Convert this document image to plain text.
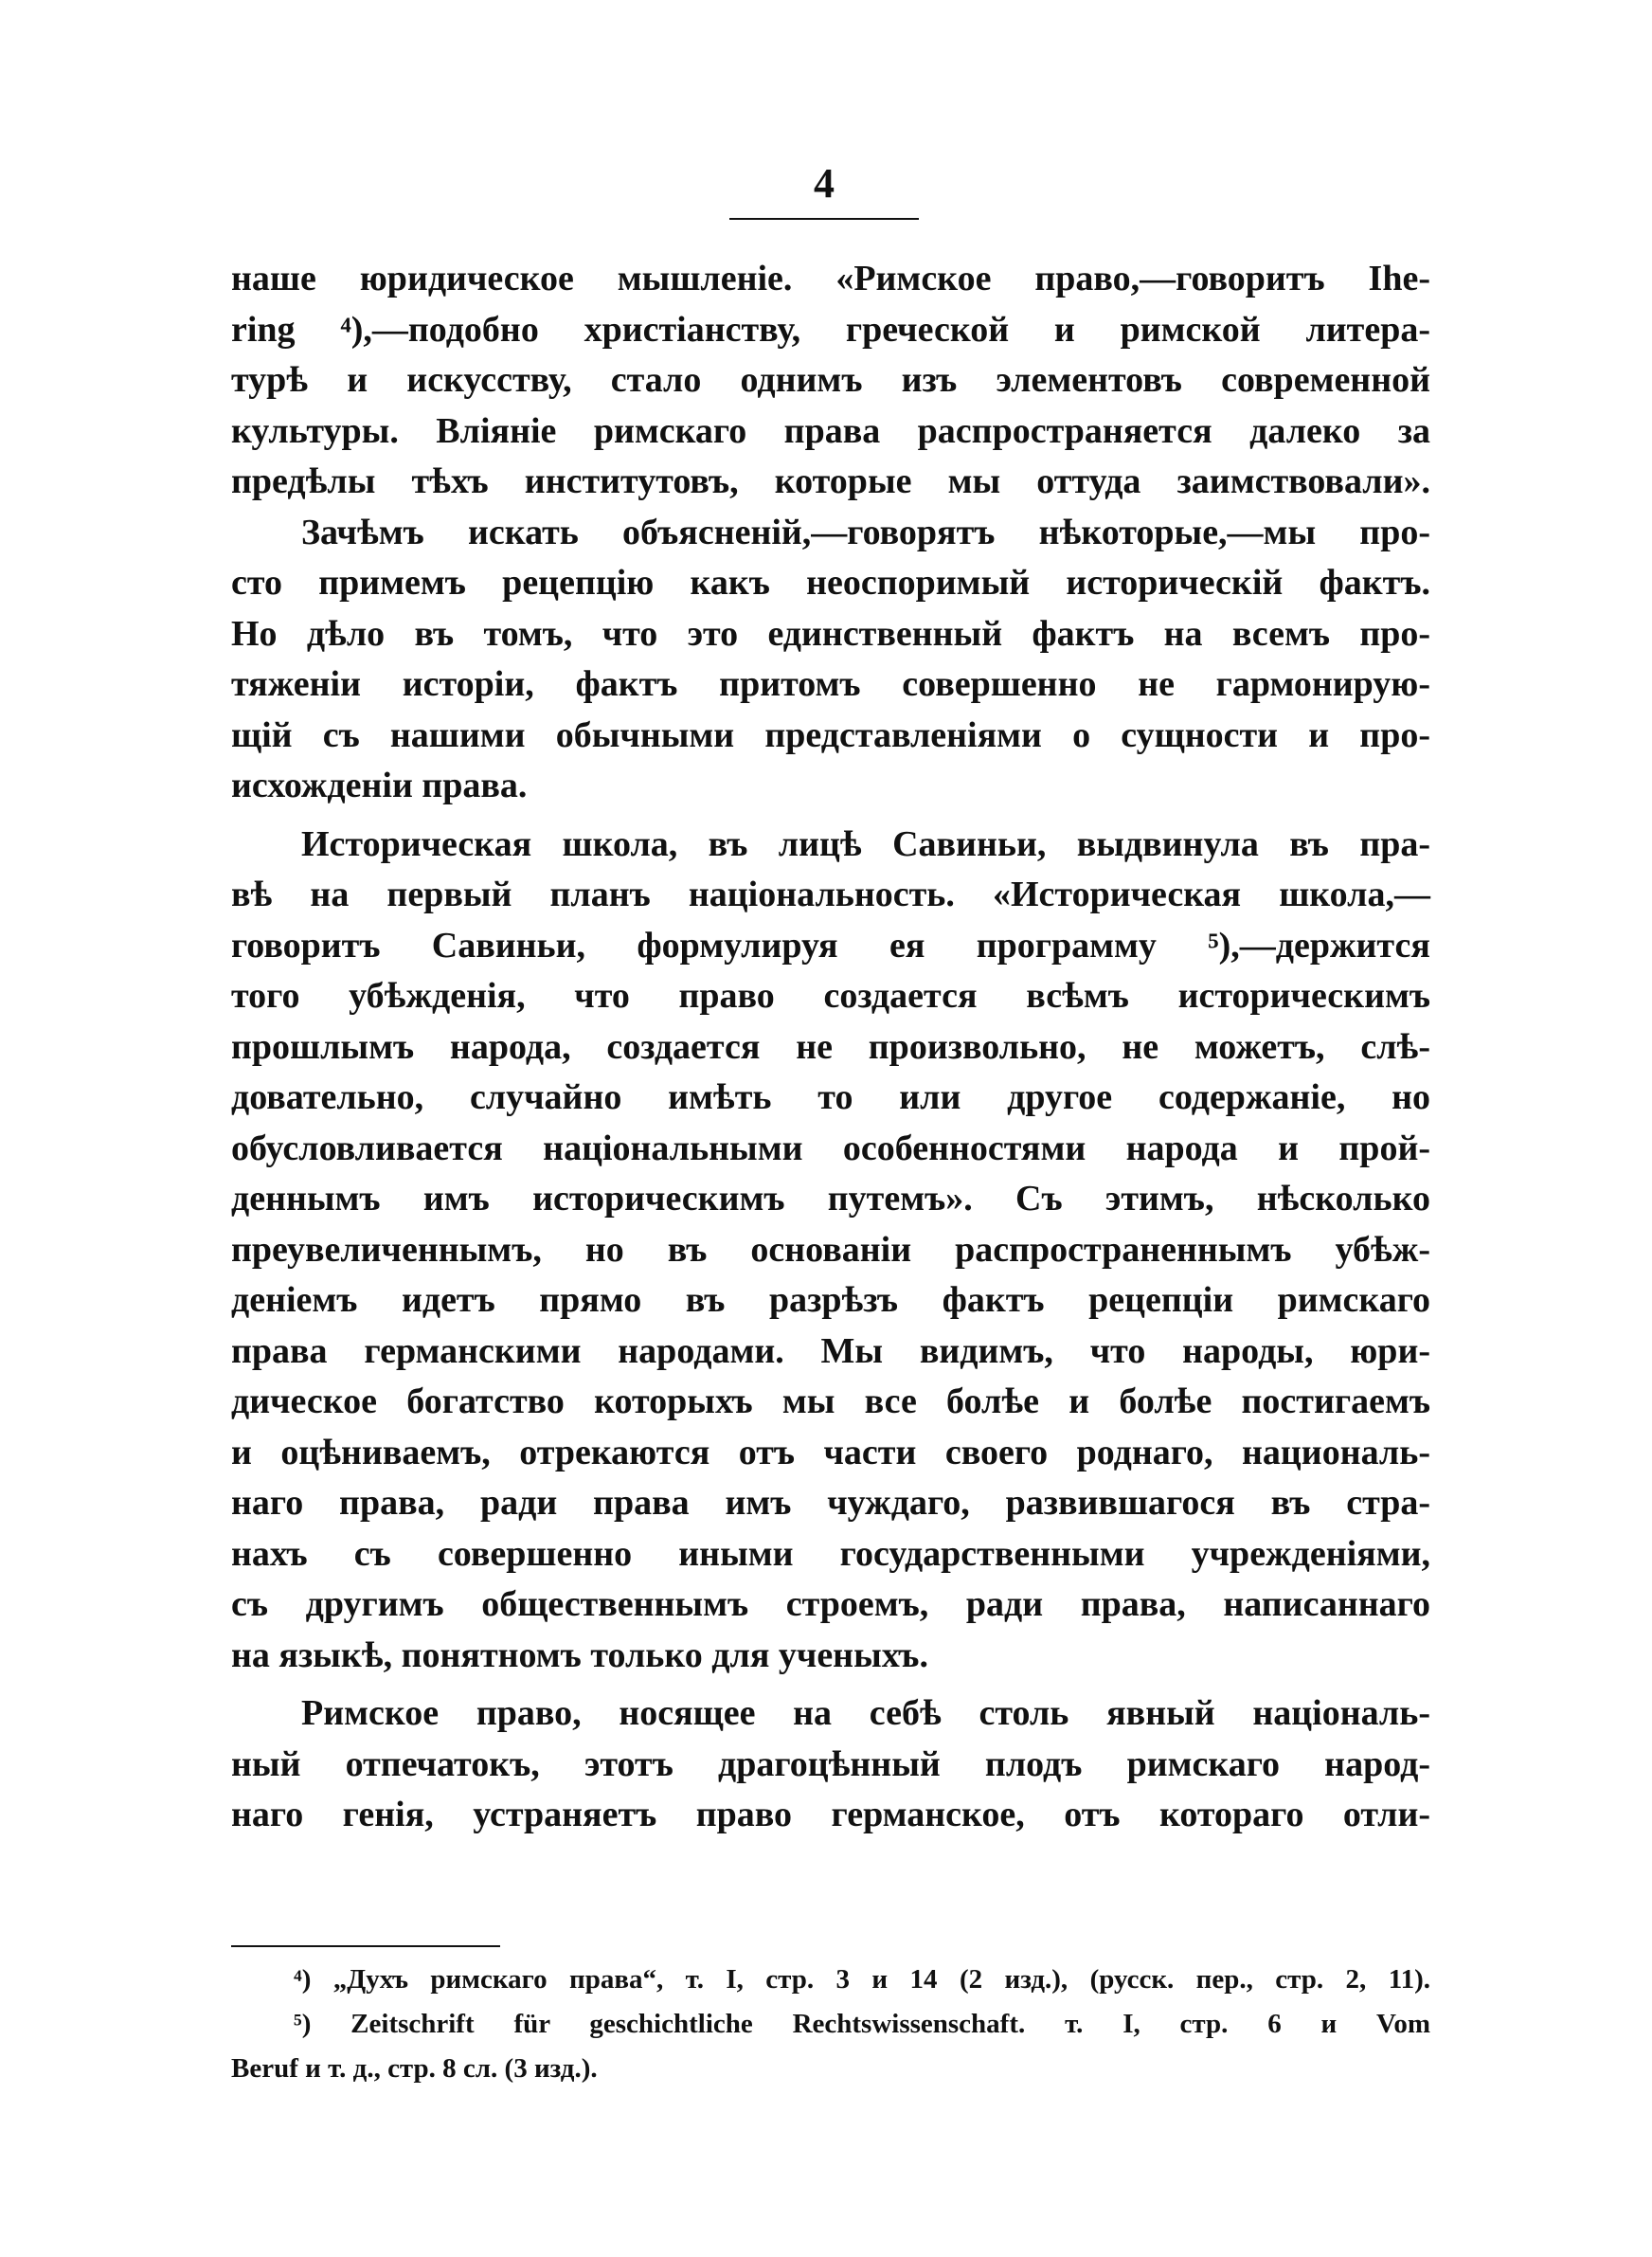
4
наше юридическое мышленіе. «Римское право,—говоритъ Ihe-
ring ⁴),—подобно христіанству, греческой и римской литера-
турѣ и искусству, стало однимъ изъ элементовъ современной
культуры. Вліяніе римскаго права распространяется далеко за
предѣлы тѣхъ институтовъ, которые мы оттуда заимствовали».
Зачѣмъ искать объясненій,—говорятъ нѣкоторые,—мы про-
сто примемъ рецепцію какъ неоспоримый историческій фактъ.
Но дѣло въ томъ, что это единственный фактъ на всемъ про-
тяженіи исторіи, фактъ притомъ совершенно не гармонирую-
щій съ нашими обычными представленіями о сущности и про-
исхожденіи права.
Историческая школа, въ лицѣ Савиньи, выдвинула въ пра-
вѣ на первый планъ національность. «Историческая школа,—
говоритъ Савиньи, формулируя ея программу ⁵),—держится
того убѣжденія, что право создается всѣмъ историческимъ
прошлымъ народа, создается не произвольно, не можетъ, слѣ-
довательно, случайно имѣть то или другое содержаніе, но
обусловливается національными особенностями народа и прой-
деннымъ имъ историческимъ путемъ». Съ этимъ, нѣсколько
преувеличеннымъ, но въ основаніи распространеннымъ убѣж-
деніемъ идетъ прямо въ разрѣзъ фактъ рецепціи римскаго
права германскими народами. Мы видимъ, что народы, юри-
дическое богатство которыхъ мы все болѣе и болѣе постигаемъ
и оцѣниваемъ, отрекаются отъ части своего роднаго, националь-
наго права, ради права имъ чуждаго, развившагося въ стра-
нахъ съ совершенно иными государственными учрежденіями,
съ другимъ общественнымъ строемъ, ради права, написаннаго
на языкѣ, понятномъ только для ученыхъ.
Римское право, носящее на себѣ столь явный національ-
ный отпечатокъ, этотъ драгоцѣнный плодъ римскаго народ-
наго генія, устраняетъ право германское, отъ котораго отли-
⁴) „Духъ римскаго права“, т. I, стр. 3 и 14 (2 изд.), (русск. пер., стр. 2, 11).
⁵) Zeitschrift für geschichtliche Rechtswissenschaft. т. I, стр. 6 и Vom
Beruf и т. д., стр. 8 сл. (3 изд.).
